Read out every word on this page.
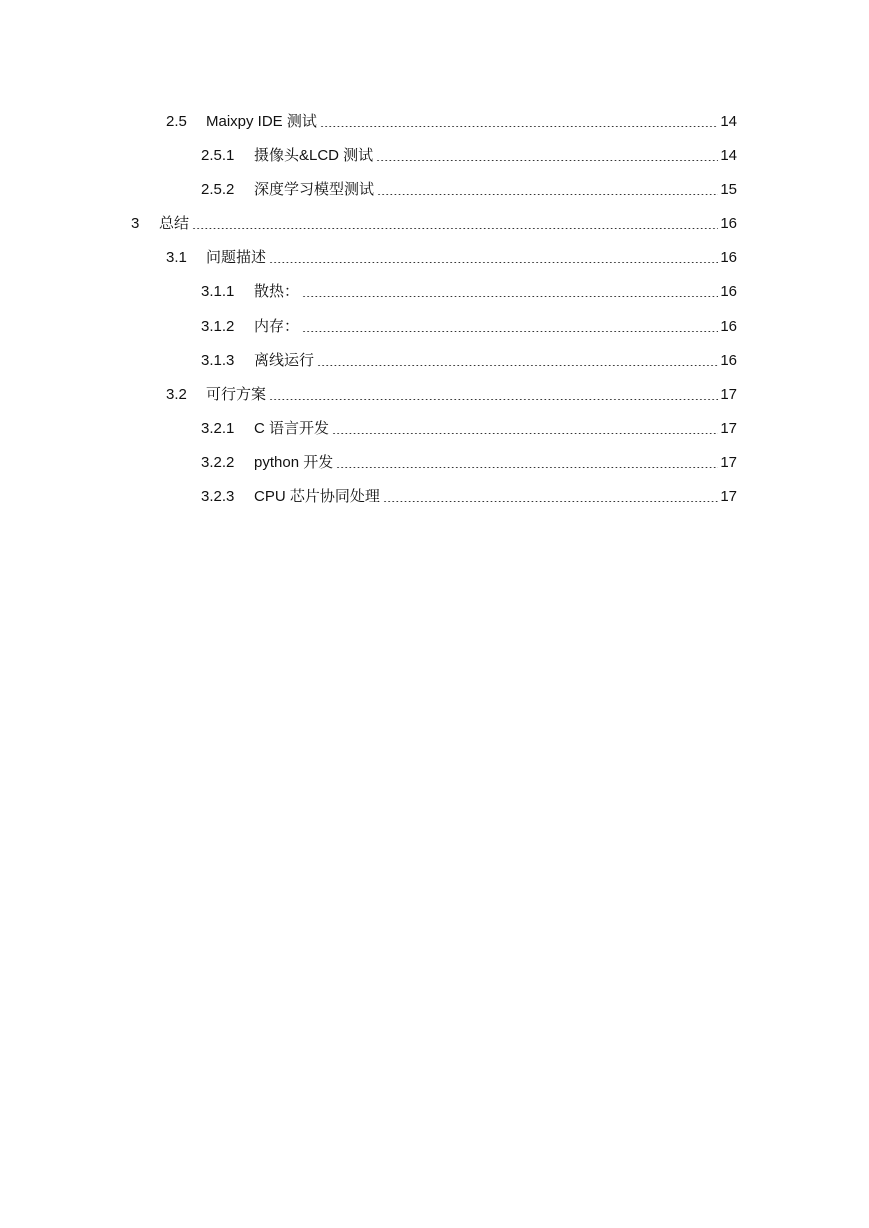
2.5	Maixpy IDE 测试	14
2.5.1	摄像头&LCD 测试	14
2.5.2	深度学习模型测试	15
3	总结	16
3.1	问题描述	16
3.1.1	散热：	16
3.1.2	内存：	16
3.1.3	离线运行	16
3.2	可行方案	17
3.2.1	C 语言开发	17
3.2.2	python 开发	17
3.2.3	CPU 芯片协同处理	17
